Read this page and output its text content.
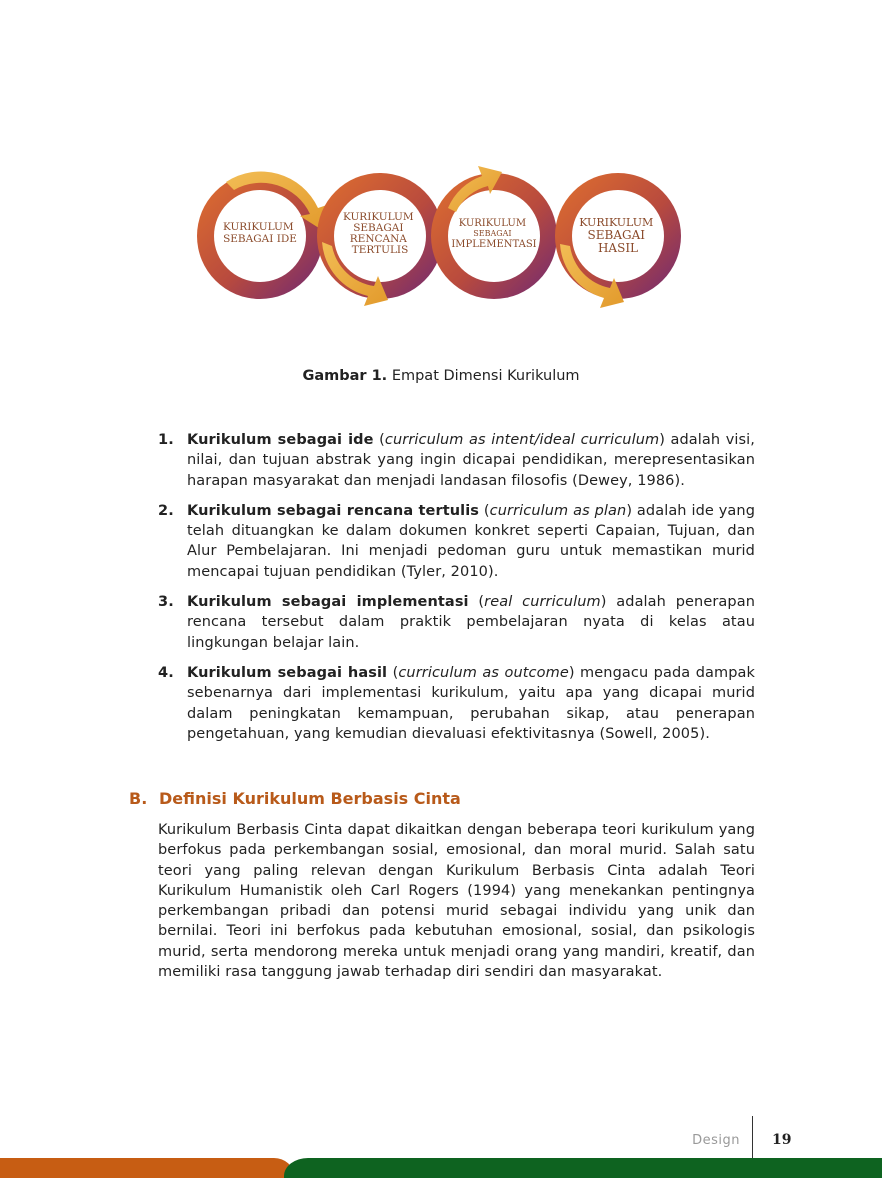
KURIKULUM SEBAGAI IDE
KURIKULUM SEBAGAI RENCANA TERTULIS
KURIKULUM SEBAGAI IMPLEMENTASI
KURIKULUM SEBAGAI HASIL
Gambar 1. Empat Dimensi Kurikulum
1. Kurikulum sebagai ide (curriculum as intent/ideal curriculum) adalah visi, nilai, dan tujuan abstrak yang ingin dicapai pendidikan, merepresentasikan harapan masyarakat dan menjadi landasan filosofis (Dewey, 1986).
2. Kurikulum sebagai rencana tertulis (curriculum as plan) adalah ide yang telah dituangkan ke dalam dokumen konkret seperti Capaian, Tujuan, dan Alur Pembelajaran. Ini menjadi pedoman guru untuk memastikan murid mencapai tujuan pendidikan (Tyler, 2010).
3. Kurikulum sebagai implementasi (real curriculum) adalah penerapan rencana tersebut dalam praktik pembelajaran nyata di kelas atau lingkungan belajar lain.
4. Kurikulum sebagai hasil (curriculum as outcome) mengacu pada dampak sebenarnya dari implementasi kurikulum, yaitu apa yang dicapai murid dalam peningkatan kemampuan, perubahan sikap, atau penerapan pengetahuan, yang kemudian dievaluasi efektivitasnya (Sowell, 2005).
B. Definisi Kurikulum Berbasis Cinta

Kurikulum Berbasis Cinta dapat dikaitkan dengan beberapa teori kurikulum yang berfokus pada perkembangan sosial, emosional, dan moral murid. Salah satu teori yang paling relevan dengan Kurikulum Berbasis Cinta adalah Teori Kurikulum Humanistik oleh Carl Rogers (1994) yang menekankan pentingnya perkembangan pribadi dan potensi murid sebagai individu yang unik dan bernilai. Teori ini berfokus pada kebutuhan emosional, sosial, dan psikologis murid, serta mendorong mereka untuk menjadi orang yang mandiri, kreatif, dan memiliki rasa tanggung jawab terhadap diri sendiri dan masyarakat.

Design 19
